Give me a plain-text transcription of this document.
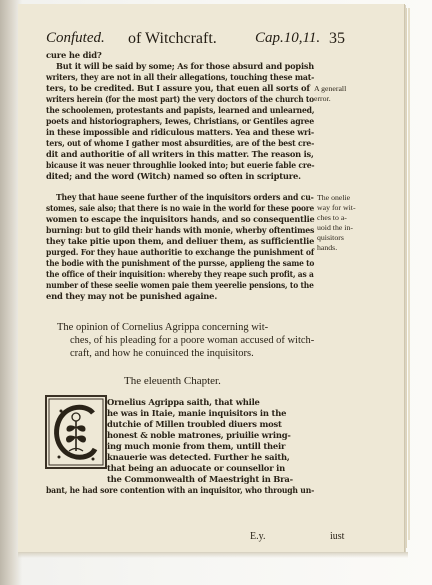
Confuted. of Witchcraft.	Cap.10,11. 35
cure he did?
But it will be said by some; As for those absurd and popish
writers, they are not in all their allegations, touching these mat-
ters, to be credited. But I assure you, that euen all sorts of
writers herein (for the most part) the very doctors of the church to
the schoolemen, protestants and papists, learned and unlearned,
poets and historiographers, Iewes, Christians, or Gentiles agree
in these impossible and ridiculous matters. Yea and these wri-
ters, out of whome I gather most absurdities, are of the best cre-
dit and authoritie of all writers in this matter. The reason is,
bicause it was neuer throughlie looked into; but euerie fable cre-
dited; and the word (Witch) named so often in scripture.
They that haue seene further of the inquisitors orders and cu-
stomes, saie also; that there is no waie in the world for these poore
women to escape the inquisitors hands, and so consequentlie
burning: but to gild their hands with monie, wherby oftentimes
they take pitie upon them, and deliuer them, as sufficientlie
purged. For they haue authoritie to exchange the punishment of
the bodie with the punishment of the pursse, applieng the same to
the office of their inquisition: whereby they reape such profit, as a
number of these seelie women paie them yeerelie pensions, to the
end they may not be punished againe.
A generall
error.
The onelie
way for wit-
ches to a-
uoid the in-
quisitors
hands.
The opinion of Cornelius Agrippa concerning wit-
ches, of his pleading for a poore woman accused of witch-
craft, and how he conuinced the inquisitors.
The eleuenth Chapter.
Ornelius Agrippa saith, that while
he was in Itaie, manie inquisitors in the
dutchie of Millen troubled diuers most
honest & noble matrones, priuilie wring-
ing much monie from them, untill their
knauerie was detected. Further he saith,
that being an aduocate or counsellor in
the Commonwealth of Maestright in Bra-
bant, he had sore contention with an inquisitor, who through un-
E.y.	iust
